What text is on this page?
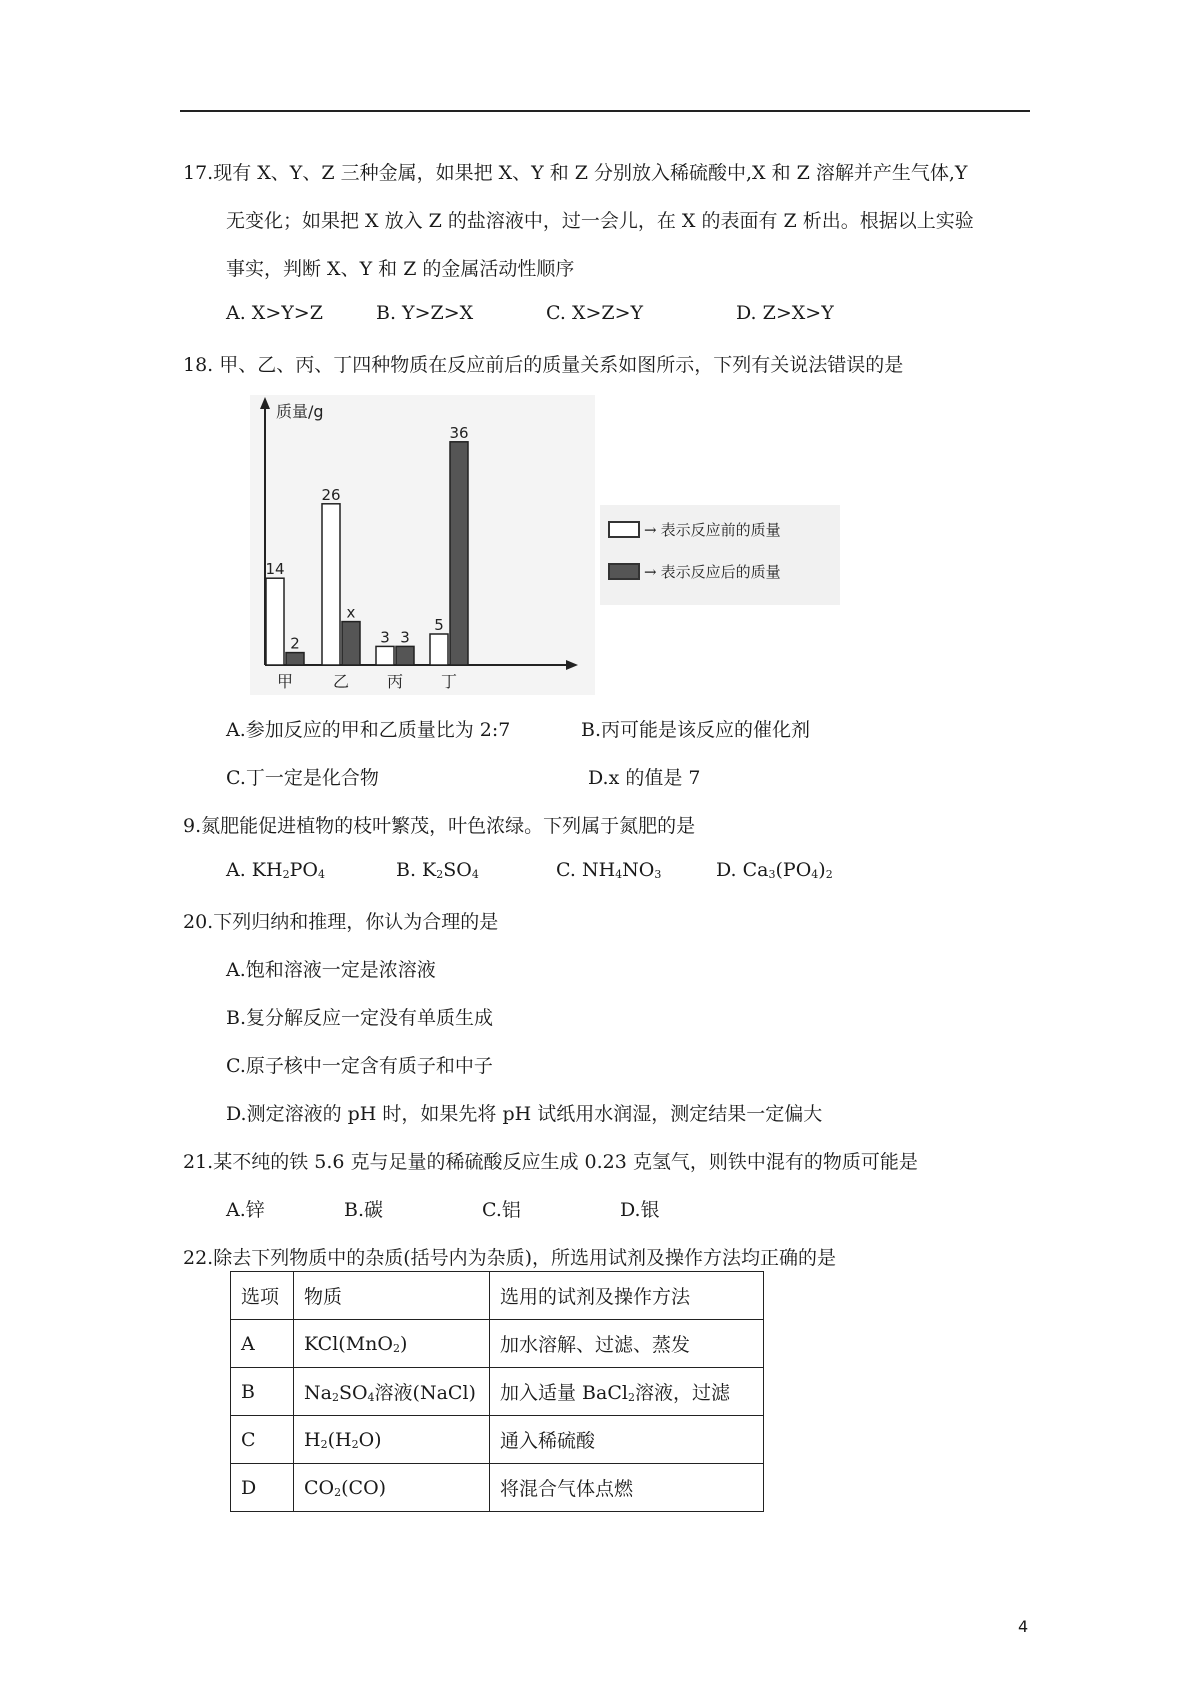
17.现有 X、Y、Z 三种金属，如果把 X、Y 和 Z 分别放入稀硫酸中,X 和 Z 溶解并产生气体,Y
无变化；如果把 X 放入 Z 的盐溶液中，过一会儿，在 X 的表面有 Z 析出。根据以上实验
事实，判断 X、Y 和 Z 的金属活动性顺序
A. X>Y>Z	B. Y>Z>X	C. X>Z>Y	D. Z>X>Y
18. 甲、乙、丙、丁四种物质在反应前后的质量关系如图所示，下列有关说法错误的是
质量/g
14
2
甲
26
x
乙
3 3
丙
5
36
丁
→ 表示反应前的质量
→ 表示反应后的质量
A.参加反应的甲和乙质量比为 2:7	B.丙可能是该反应的催化剂
C.丁一定是化合物	D.x 的值是 7
9.氮肥能促进植物的枝叶繁茂，叶色浓绿。下列属于氮肥的是
A. $KH_2PO_4$	B. $K_2SO_4$	C. $NH_4NO_3$	D. $Ca_3(PO_4)_2$
20.下列归纳和推理，你认为合理的是
A.饱和溶液一定是浓溶液
B.复分解反应一定没有单质生成
C.原子核中一定含有质子和中子
D.测定溶液的 pH 时，如果先将 pH 试纸用水润湿，测定结果一定偏大
21.某不纯的铁 5.6 克与足量的稀硫酸反应生成 0.23 克氢气，则铁中混有的物质可能是
A.锌	B.碳	C.铝	D.银
22.除去下列物质中的杂质(括号内为杂质)，所选用试剂及操作方法均正确的是
选项	物质	选用的试剂及操作方法
A	KCl(MnO$_2$)	加水溶解、过滤、蒸发
B	$Na_2SO_4$溶液(NaCl)	加入适量 BaCl$_2$溶液，过滤
C	$H_2(H_2O)$	通入稀硫酸
D	$CO_2(CO)$	将混合气体点燃
4
